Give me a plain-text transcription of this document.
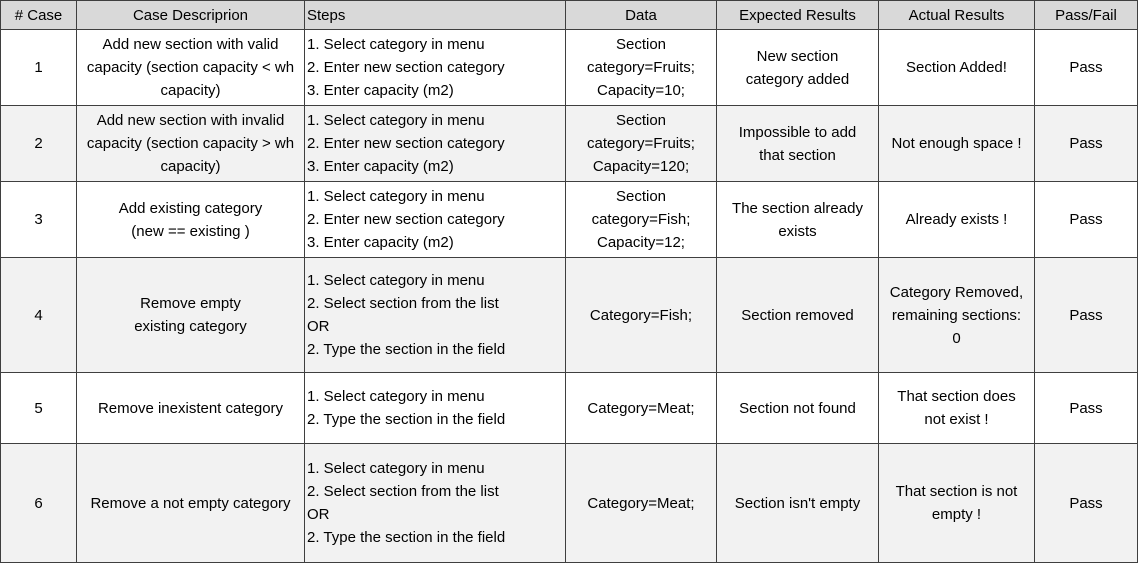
# Case	Case Descriprion	Steps	Data	Expected Results	Actual Results	Pass/Fail
1	Add new section with valid
capacity (section capacity < wh
capacity)	1. Select category in menu
2. Enter new section category
3. Enter capacity (m2)	Section
category=Fruits;
Capacity=10;	New section
category added	Section Added!	Pass
2	Add new section with invalid
capacity (section capacity > wh
capacity)	1. Select category in menu
2. Enter new section category
3. Enter capacity (m2)	Section
category=Fruits;
Capacity=120;	Impossible to add
that section	Not enough space !	Pass
3	Add existing category
(new == existing )	1. Select category in menu
2. Enter new section category
3. Enter capacity (m2)	Section
category=Fish;
Capacity=12;	The section already
exists	Already exists !	Pass
4	Remove empty
existing category	1. Select category in menu
2. Select section from the list
OR
2. Type the section in the field	Category=Fish;	Section removed	Category Removed,
remaining sections:
0	Pass
5	Remove inexistent category	1. Select category in menu
2. Type the section in the field	Category=Meat;	Section not found	That section does
not exist !	Pass
6	Remove a not empty category	1. Select category in menu
2. Select section from the list
OR
2. Type the section in the field	Category=Meat;	Section isn't empty	That section is not
empty !	Pass
